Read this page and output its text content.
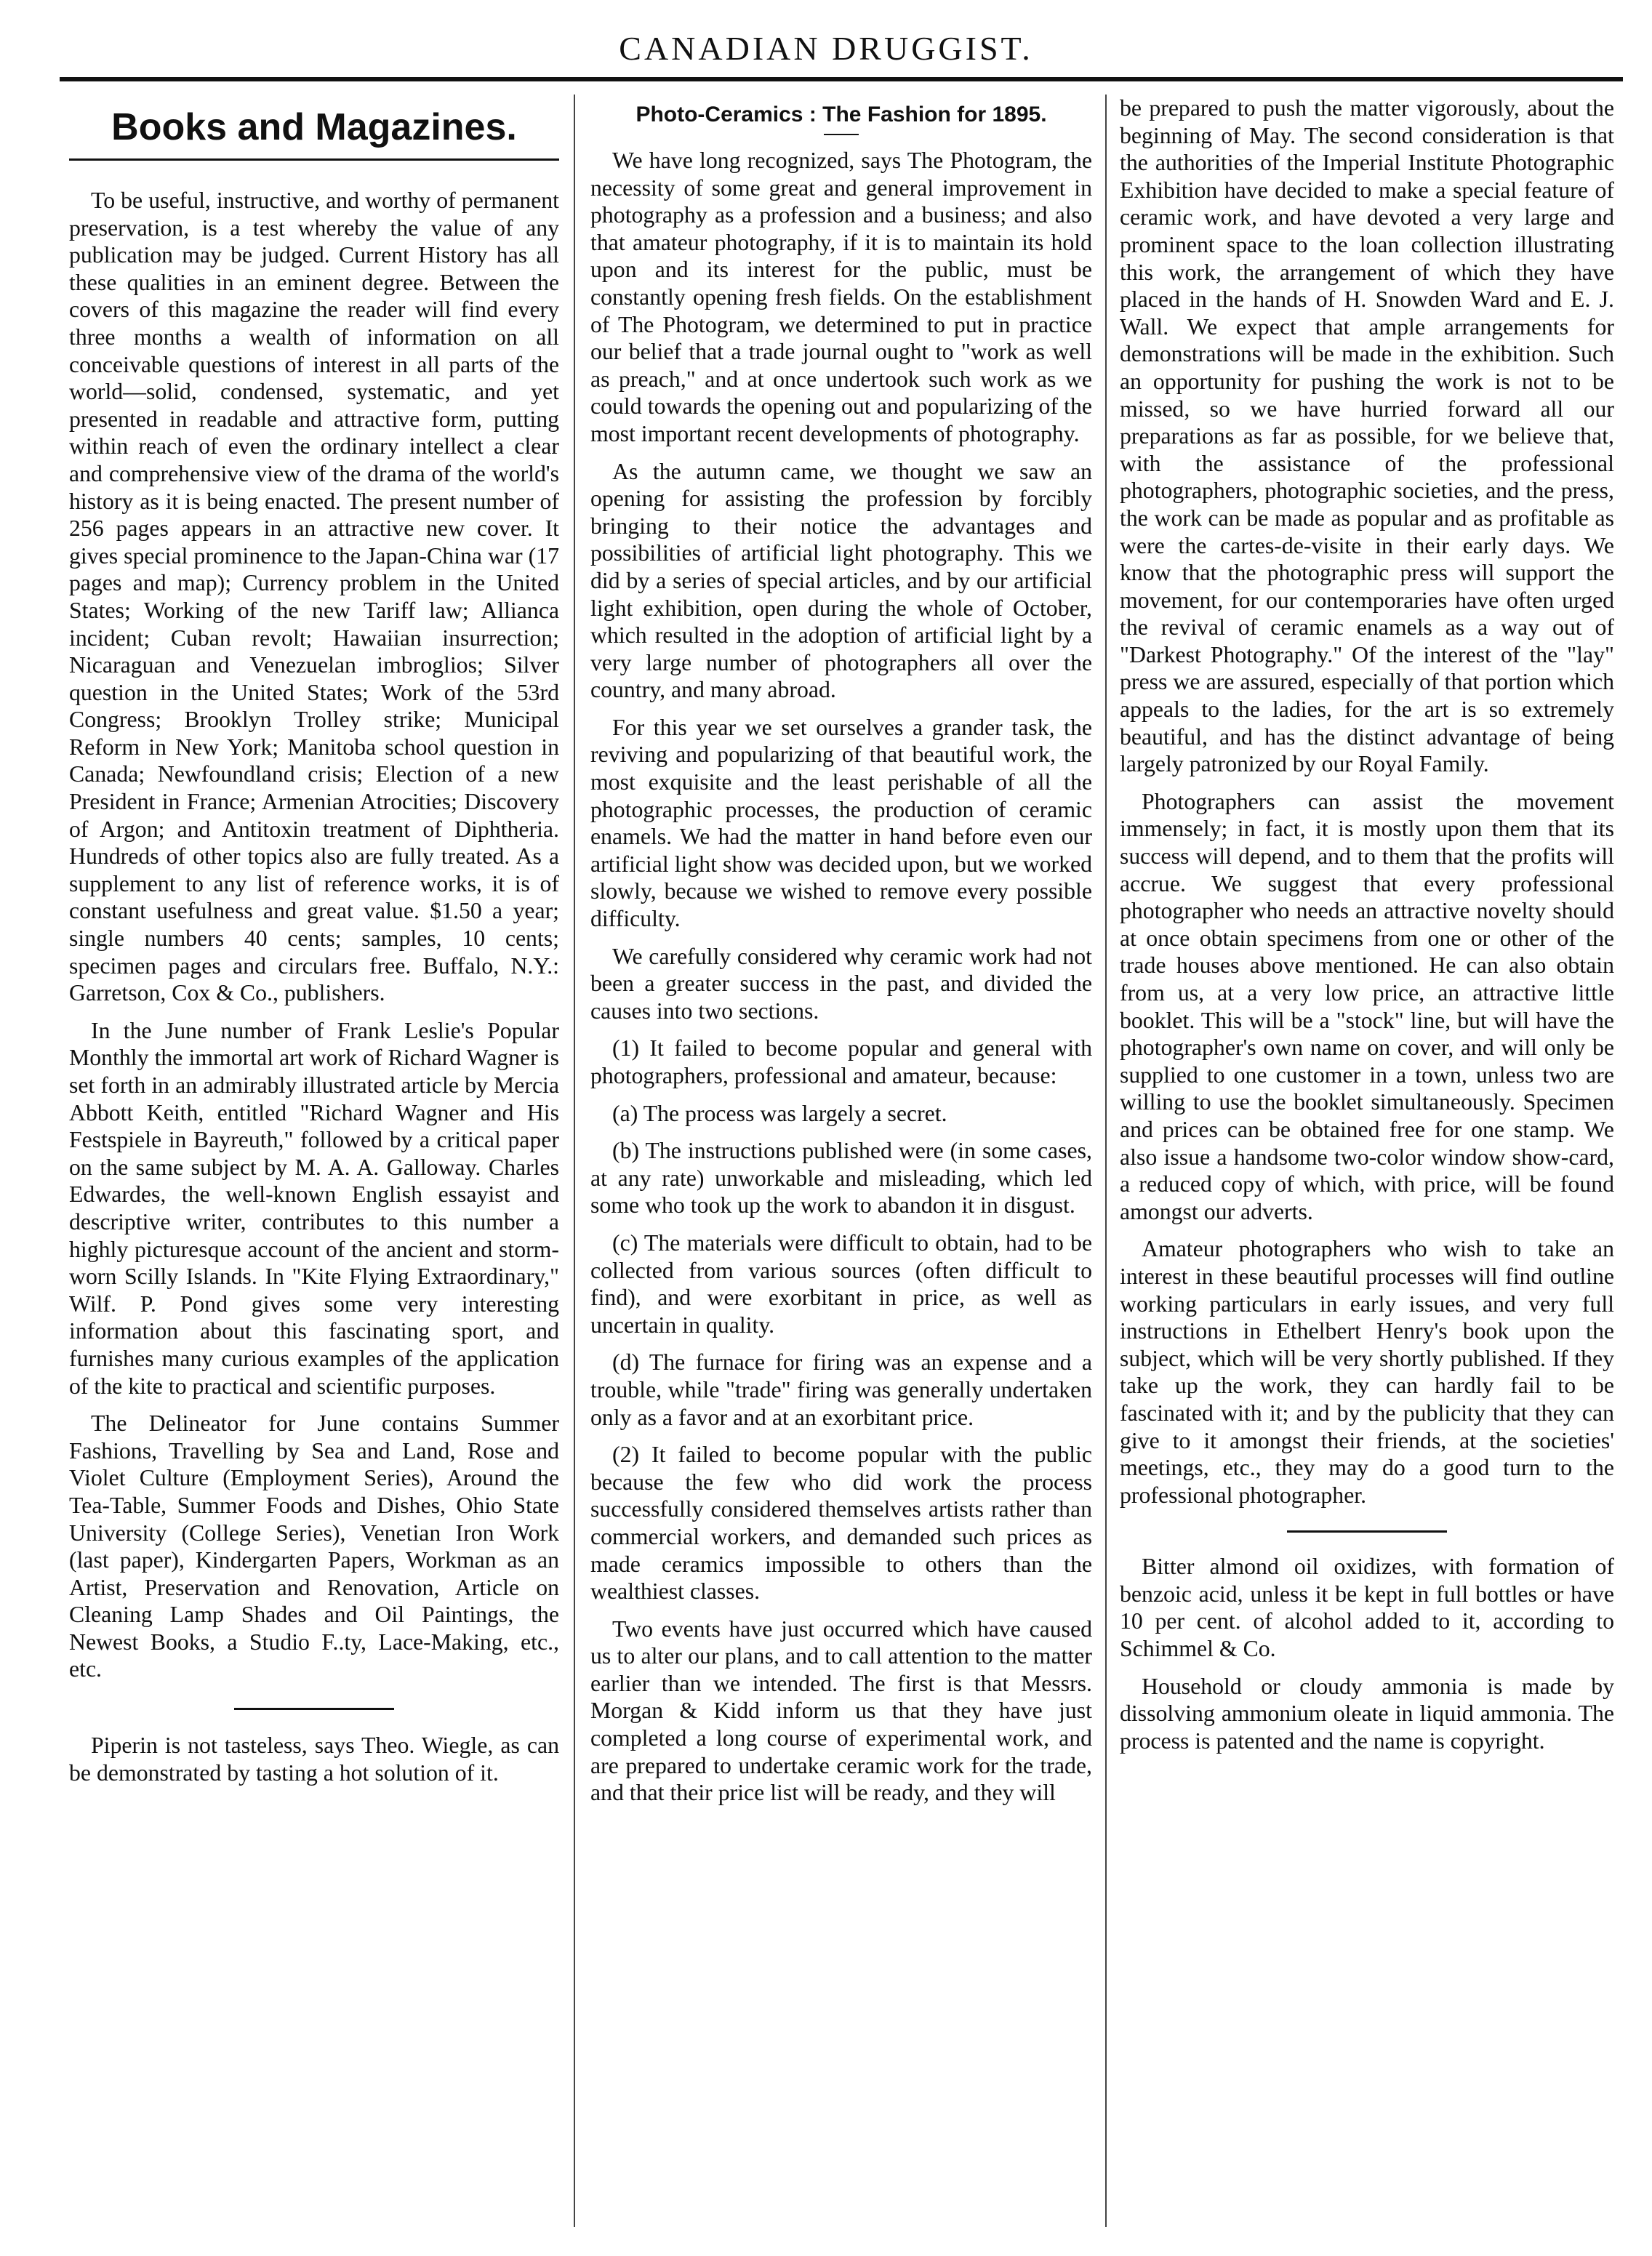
CANADIAN DRUGGIST.
Books and Magazines.

To be useful, instructive, and worthy of permanent preservation, is a test whereby the value of any publication may be judged. Current History has all these qualities in an eminent degree. Between the covers of this magazine the reader will find every three months a wealth of information on all conceivable questions of interest in all parts of the world—solid, condensed, systematic, and yet presented in readable and attractive form, putting within reach of even the ordinary intellect a clear and comprehensive view of the drama of the world's history as it is being enacted. The present number of 256 pages appears in an attractive new cover. It gives special prominence to the Japan-China war (17 pages and map); Currency problem in the United States; Working of the new Tariff law; Allianca incident; Cuban revolt; Hawaiian insurrection; Nicaraguan and Venezuelan imbroglios; Silver question in the United States; Work of the 53rd Congress; Brooklyn Trolley strike; Municipal Reform in New York; Manitoba school question in Canada; Newfoundland crisis; Election of a new President in France; Armenian Atrocities; Discovery of Argon; and Antitoxin treatment of Diphtheria. Hundreds of other topics also are fully treated. As a supplement to any list of reference works, it is of constant usefulness and great value. $1.50 a year; single numbers 40 cents; samples, 10 cents; specimen pages and circulars free. Buffalo, N.Y.: Garretson, Cox & Co., publishers.

In the June number of Frank Leslie's Popular Monthly the immortal art work of Richard Wagner is set forth in an admirably illustrated article by Mercia Abbott Keith, entitled "Richard Wagner and His Festspiele in Bayreuth," followed by a critical paper on the same subject by M. A. A. Galloway. Charles Edwardes, the well-known English essayist and descriptive writer, contributes to this number a highly picturesque account of the ancient and storm-worn Scilly Islands. In "Kite Flying Extraordinary," Wilf. P. Pond gives some very interesting information about this fascinating sport, and furnishes many curious examples of the application of the kite to practical and scientific purposes.

The Delineator for June contains Summer Fashions, Travelling by Sea and Land, Rose and Violet Culture (Employment Series), Around the Tea-Table, Summer Foods and Dishes, Ohio State University (College Series), Venetian Iron Work (last paper), Kindergarten Papers, Workman as an Artist, Preservation and Renovation, Article on Cleaning Lamp Shades and Oil Paintings, the Newest Books, a Studio F..ty, Lace-Making, etc., etc.

Piperin is not tasteless, says Theo. Wiegle, as can be demonstrated by tasting a hot solution of it.

Photo-Ceramics : The Fashion for 1895.

We have long recognized, says The Photogram, the necessity of some great and general improvement in photography as a profession and a business; and also that amateur photography, if it is to maintain its hold upon and its interest for the public, must be constantly opening fresh fields. On the establishment of The Photogram, we determined to put in practice our belief that a trade journal ought to "work as well as preach," and at once undertook such work as we could towards the opening out and popularizing of the most important recent developments of photography.

As the autumn came, we thought we saw an opening for assisting the profession by forcibly bringing to their notice the advantages and possibilities of artificial light photography. This we did by a series of special articles, and by our artificial light exhibition, open during the whole of October, which resulted in the adoption of artificial light by a very large number of photographers all over the country, and many abroad.

For this year we set ourselves a grander task, the reviving and popularizing of that beautiful work, the most exquisite and the least perishable of all the photographic processes, the production of ceramic enamels. We had the matter in hand before even our artificial light show was decided upon, but we worked slowly, because we wished to remove every possible difficulty.

We carefully considered why ceramic work had not been a greater success in the past, and divided the causes into two sections.

(1) It failed to become popular and general with photographers, professional and amateur, because:

(a) The process was largely a secret.

(b) The instructions published were (in some cases, at any rate) unworkable and misleading, which led some who took up the work to abandon it in disgust.

(c) The materials were difficult to obtain, had to be collected from various sources (often difficult to find), and were exorbitant in price, as well as uncertain in quality.

(d) The furnace for firing was an expense and a trouble, while "trade" firing was generally undertaken only as a favor and at an exorbitant price.

(2) It failed to become popular with the public because the few who did work the process successfully considered themselves artists rather than commercial workers, and demanded such prices as made ceramics impossible to others than the wealthiest classes.

Two events have just occurred which have caused us to alter our plans, and to call attention to the matter earlier than we intended. The first is that Messrs. Morgan & Kidd inform us that they have just completed a long course of experimental work, and are prepared to undertake ceramic work for the trade, and that their price list will be ready, and they will

be prepared to push the matter vigorously, about the beginning of May. The second consideration is that the authorities of the Imperial Institute Photographic Exhibition have decided to make a special feature of ceramic work, and have devoted a very large and prominent space to the loan collection illustrating this work, the arrangement of which they have placed in the hands of H. Snowden Ward and E. J. Wall. We expect that ample arrangements for demonstrations will be made in the exhibition. Such an opportunity for pushing the work is not to be missed, so we have hurried forward all our preparations as far as possible, for we believe that, with the assistance of the professional photographers, photographic societies, and the press, the work can be made as popular and as profitable as were the cartes-de-visite in their early days. We know that the photographic press will support the movement, for our contemporaries have often urged the revival of ceramic enamels as a way out of "Darkest Photography." Of the interest of the "lay" press we are assured, especially of that portion which appeals to the ladies, for the art is so extremely beautiful, and has the distinct advantage of being largely patronized by our Royal Family.

Photographers can assist the movement immensely; in fact, it is mostly upon them that its success will depend, and to them that the profits will accrue. We suggest that every professional photographer who needs an attractive novelty should at once obtain specimens from one or other of the trade houses above mentioned. He can also obtain from us, at a very low price, an attractive little booklet. This will be a "stock" line, but will have the photographer's own name on cover, and will only be supplied to one customer in a town, unless two are willing to use the booklet simultaneously. Specimen and prices can be obtained free for one stamp. We also issue a handsome two-color window show-card, a reduced copy of which, with price, will be found amongst our adverts.

Amateur photographers who wish to take an interest in these beautiful processes will find outline working particulars in early issues, and very full instructions in Ethelbert Henry's book upon the subject, which will be very shortly published. If they take up the work, they can hardly fail to be fascinated with it; and by the publicity that they can give to it amongst their friends, at the societies' meetings, etc., they may do a good turn to the professional photographer.

Bitter almond oil oxidizes, with formation of benzoic acid, unless it be kept in full bottles or have 10 per cent. of alcohol added to it, according to Schimmel & Co.

Household or cloudy ammonia is made by dissolving ammonium oleate in liquid ammonia. The process is patented and the name is copyright.
